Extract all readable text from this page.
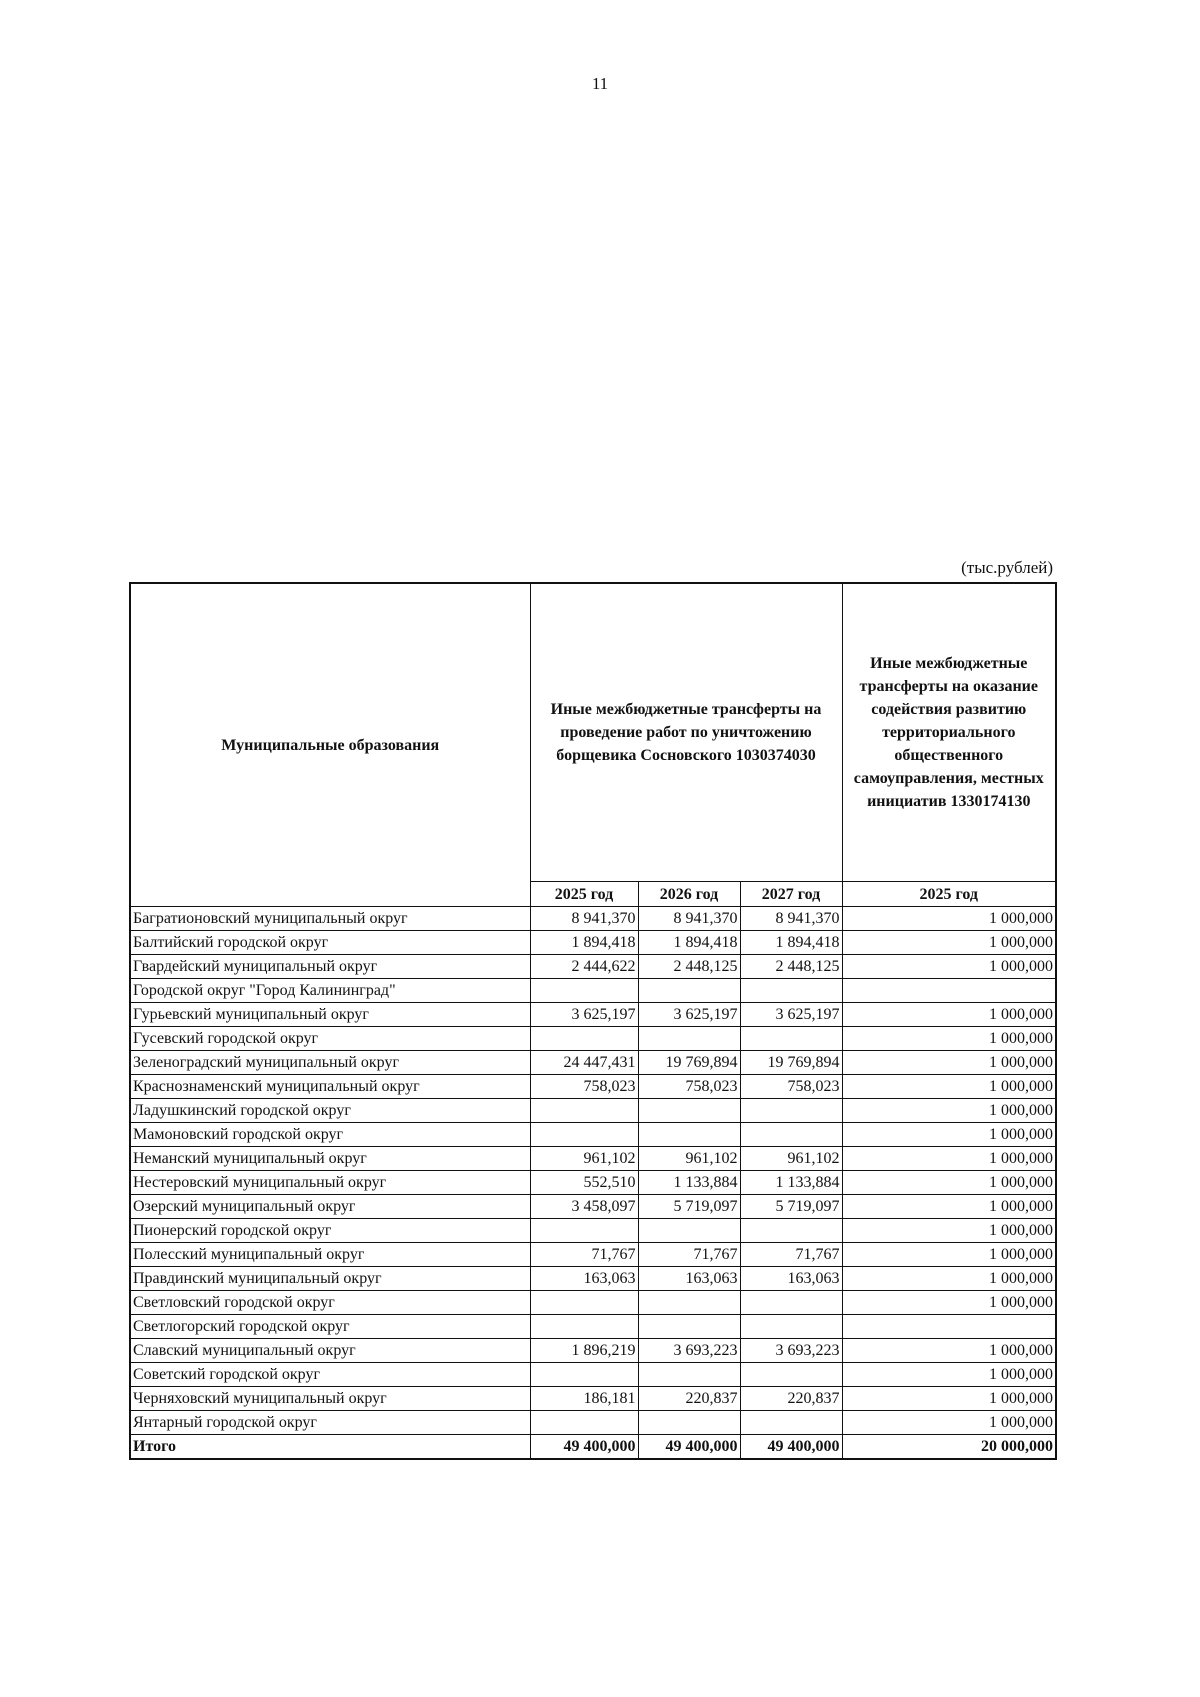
11
(тыс.рублей)
Муниципальные образования	Иные межбюджетные трансферты на проведение работ по уничтожению борщевика Сосновского 1030374030			Иные межбюджетные трансферты на оказание содействия развитию территориального общественного самоуправления, местных инициатив 1330174130
	2025 год	2026 год	2027 год	2025 год
Багратионовский муниципальный округ	8 941,370	8 941,370	8 941,370	1 000,000
Балтийский городской округ	1 894,418	1 894,418	1 894,418	1 000,000
Гвардейский муниципальный округ	2 444,622	2 448,125	2 448,125	1 000,000
Городской округ "Город Калининград"				
Гурьевский муниципальный округ	3 625,197	3 625,197	3 625,197	1 000,000
Гусевский городской округ				1 000,000
Зеленоградский муниципальный округ	24 447,431	19 769,894	19 769,894	1 000,000
Краснознаменский муниципальный округ	758,023	758,023	758,023	1 000,000
Ладушкинский городской округ				1 000,000
Мамоновский городской округ				1 000,000
Неманский муниципальный округ	961,102	961,102	961,102	1 000,000
Нестеровский муниципальный округ	552,510	1 133,884	1 133,884	1 000,000
Озерский муниципальный округ	3 458,097	5 719,097	5 719,097	1 000,000
Пионерский городской округ				1 000,000
Полесский муниципальный округ	71,767	71,767	71,767	1 000,000
Правдинский муниципальный округ	163,063	163,063	163,063	1 000,000
Светловский городской округ				1 000,000
Светлогорский городской округ				
Славский муниципальный округ	1 896,219	3 693,223	3 693,223	1 000,000
Советский городской округ				1 000,000
Черняховский муниципальный округ	186,181	220,837	220,837	1 000,000
Янтарный городской округ				1 000,000
Итого	49 400,000	49 400,000	49 400,000	20 000,000
